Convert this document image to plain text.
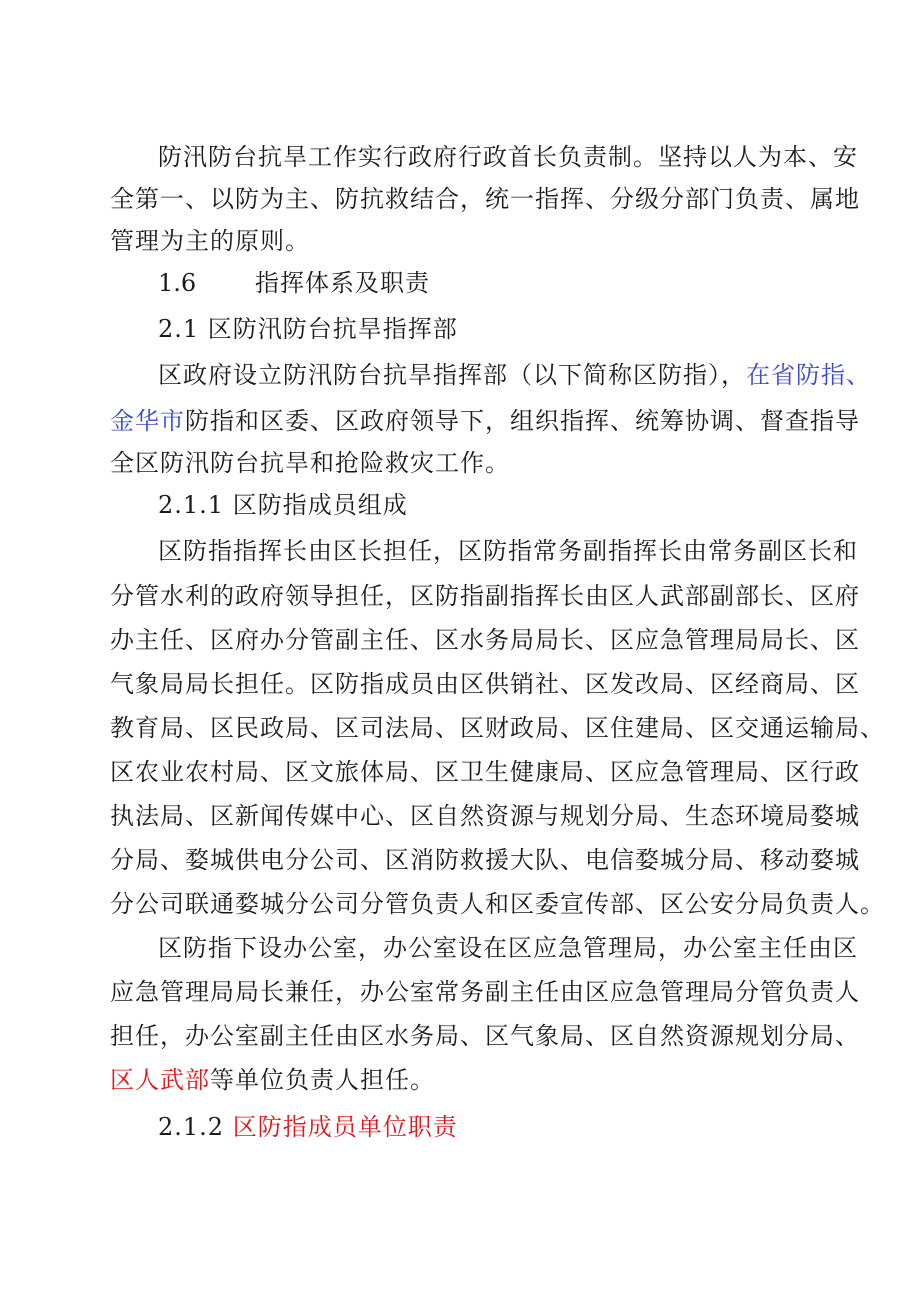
防汛防台抗旱工作实行政府行政首长负责制。坚持以人为本、安
全第一、以防为主、防抗救结合，统一指挥、分级分部门负责、属地
管理为主的原则。
1.6 指挥体系及职责
2.1 区防汛防台抗旱指挥部
区政府设立防汛防台抗旱指挥部（以下简称区防指），在省防指、
金华市防指和区委、区政府领导下，组织指挥、统筹协调、督查指导
全区防汛防台抗旱和抢险救灾工作。
2.1.1 区防指成员组成
区防指指挥长由区长担任，区防指常务副指挥长由常务副区长和
分管水利的政府领导担任，区防指副指挥长由区人武部副部长、区府
办主任、区府办分管副主任、区水务局局长、区应急管理局局长、区
气象局局长担任。区防指成员由区供销社、区发改局、区经商局、区
教育局、区民政局、区司法局、区财政局、区住建局、区交通运输局、
区农业农村局、区文旅体局、区卫生健康局、区应急管理局、区行政
执法局、区新闻传媒中心、区自然资源与规划分局、生态环境局婺城
分局、婺城供电分公司、区消防救援大队、电信婺城分局、移动婺城
分公司联通婺城分公司分管负责人和区委宣传部、区公安分局负责人。
区防指下设办公室，办公室设在区应急管理局，办公室主任由区
应急管理局局长兼任，办公室常务副主任由区应急管理局分管负责人
担任，办公室副主任由区水务局、区气象局、区自然资源规划分局、
区人武部等单位负责人担任。
2.1.2 区防指成员单位职责
